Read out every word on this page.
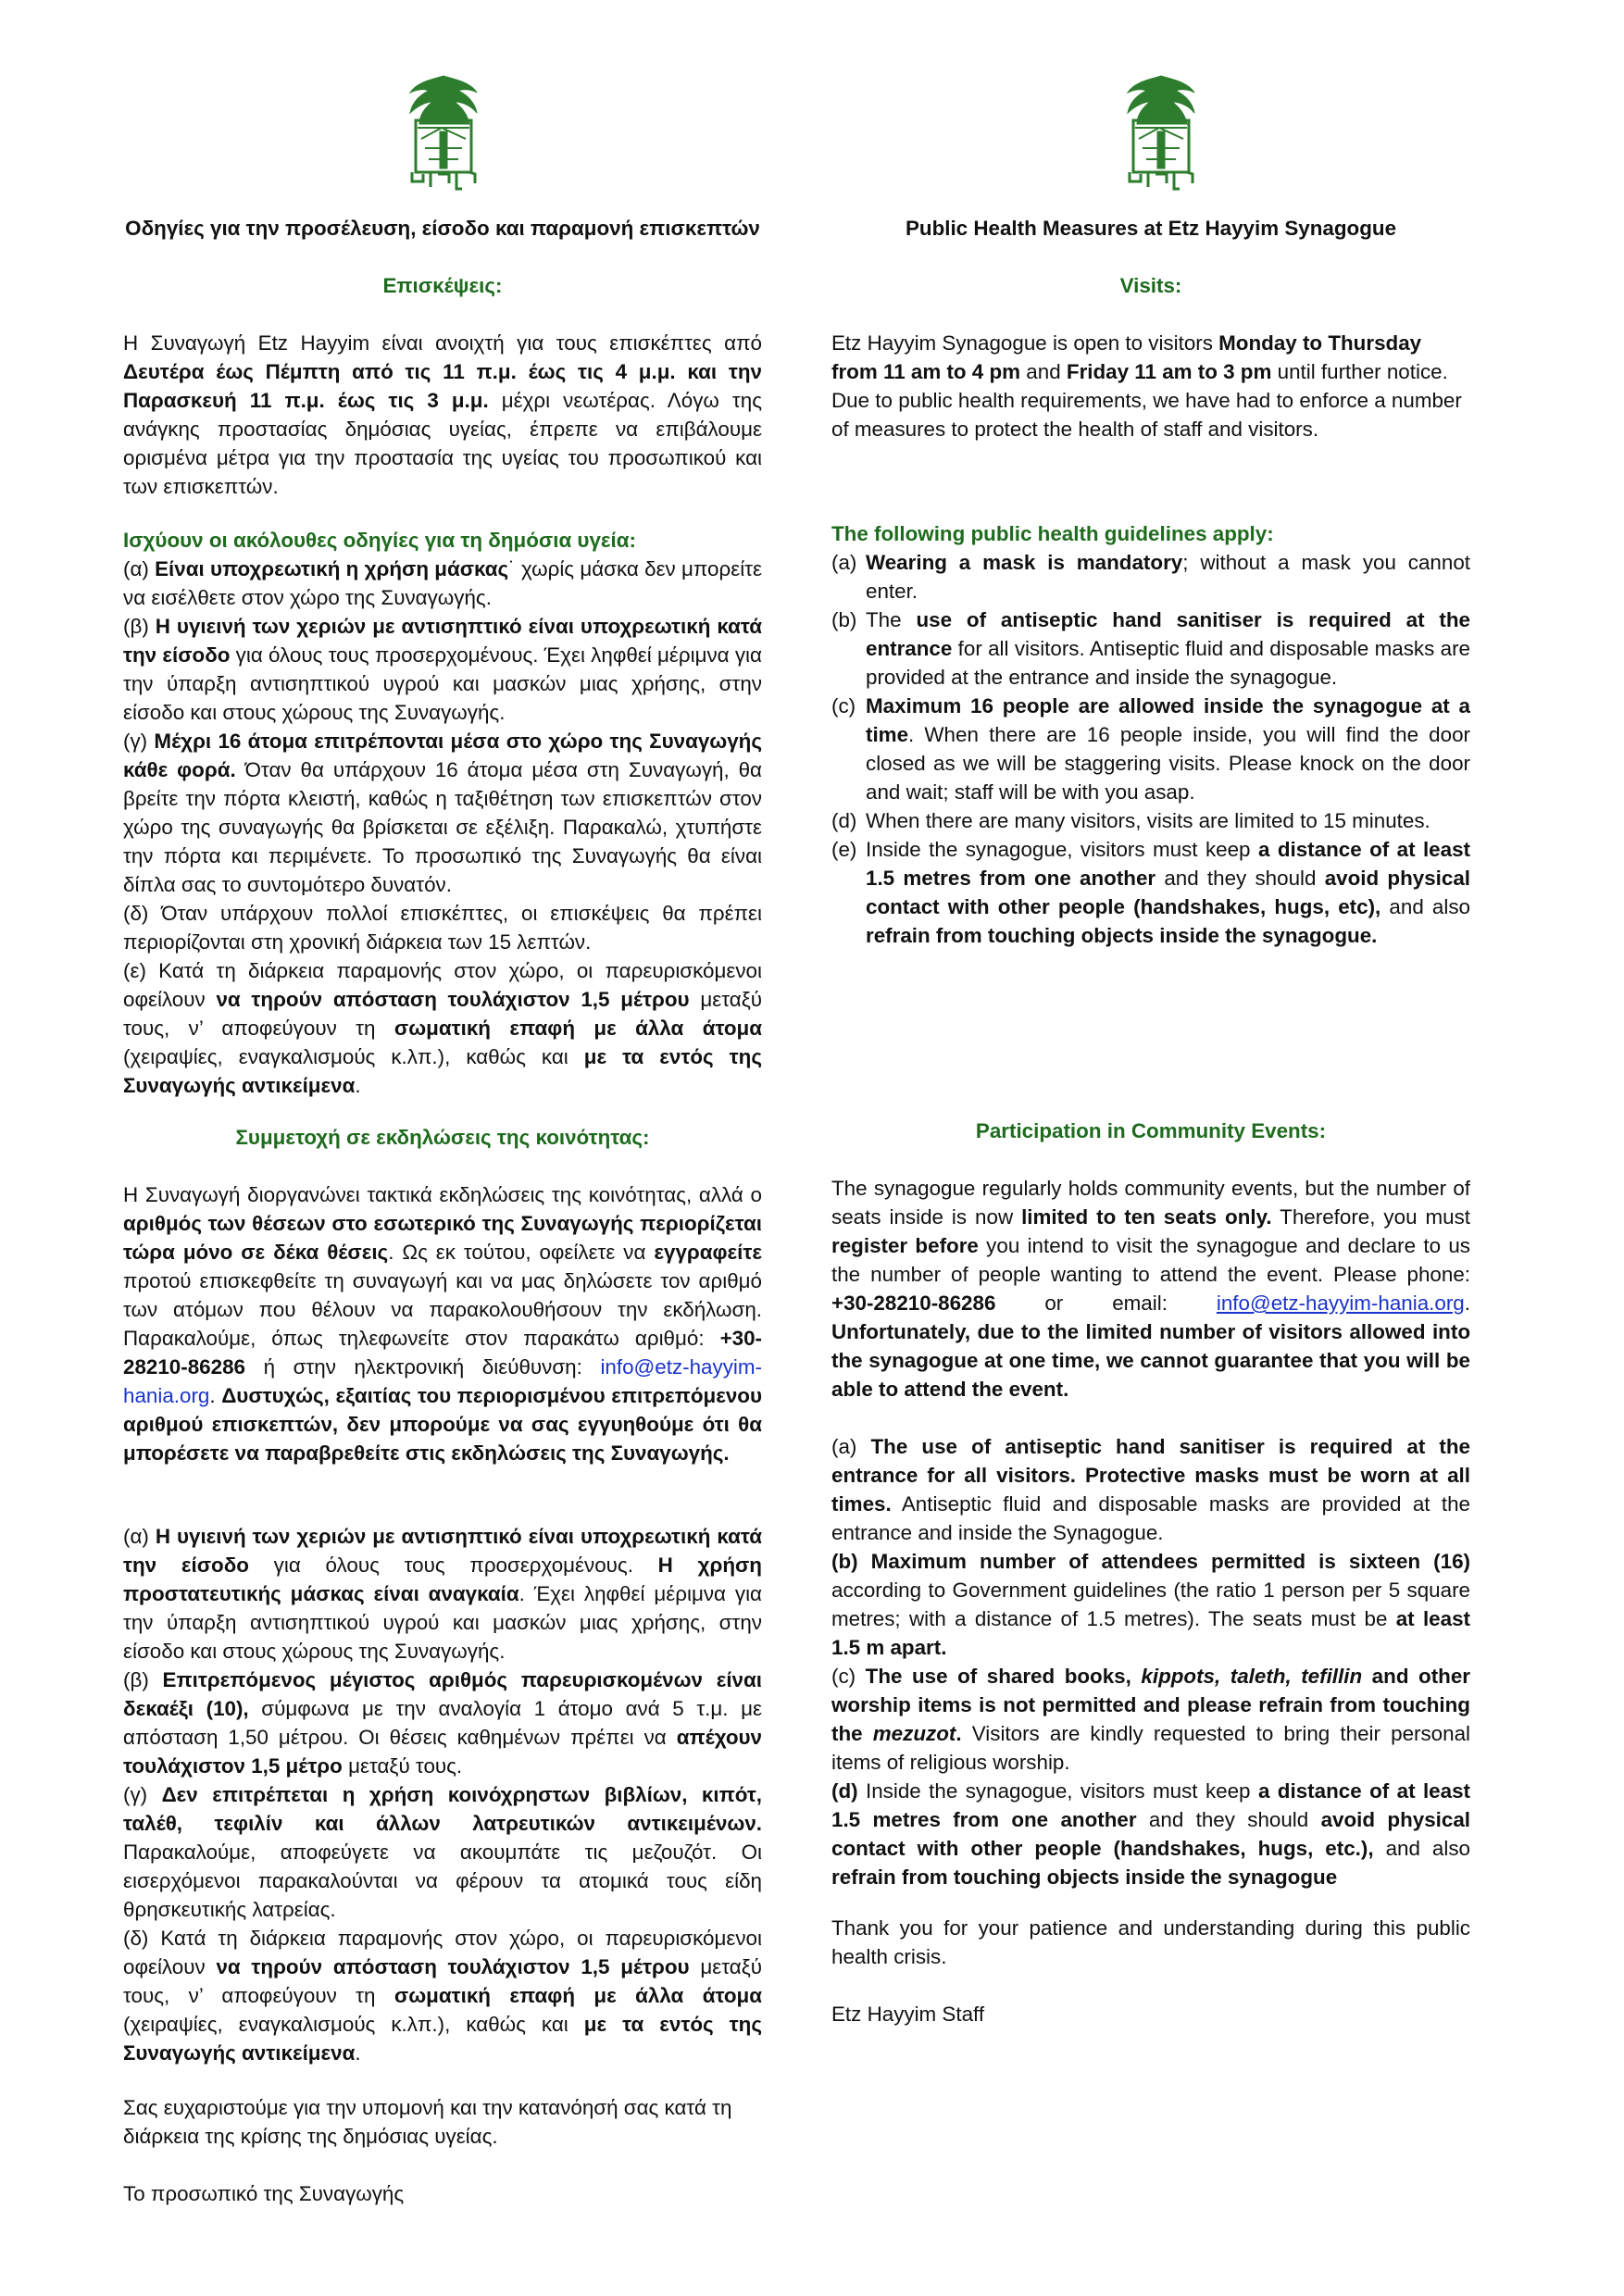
Οδηγίες για την προσέλευση, είσοδο και παραμονή επισκεπτών
Επισκέψεις:
Η Συναγωγή Etz Hayyim είναι ανοιχτή για τους επισκέπτες από Δευτέρα έως Πέμπτη από τις 11 π.μ. έως τις 4 μ.μ. και την Παρασκευή 11 π.μ. έως τις 3 μ.μ. μέχρι νεωτέρας. Λόγω της ανάγκης προστασίας δημόσιας υγείας, έπρεπε να επιβάλουμε ορισμένα μέτρα για την προστασία της υγείας του προσωπικού και των επισκεπτών.
Ισχύουν οι ακόλουθες οδηγίες για τη δημόσια υγεία:
(α) Είναι υποχρεωτική η χρήση μάσκας˙ χωρίς μάσκα δεν μπορείτε να εισέλθετε στον χώρο της Συναγωγής.
(β) Η υγιεινή των χεριών με αντισηπτικό είναι υποχρεωτική κατά την είσοδο για όλους τους προσερχομένους. Έχει ληφθεί μέριμνα για την ύπαρξη αντισηπτικού υγρού και μασκών μιας χρήσης, στην είσοδο και στους χώρους της Συναγωγής.
(γ) Μέχρι 16 άτομα επιτρέπονται μέσα στο χώρο της Συναγωγής κάθε φορά. Όταν θα υπάρχουν 16 άτομα μέσα στη Συναγωγή, θα βρείτε την πόρτα κλειστή, καθώς η ταξιθέτηση των επισκεπτών στον χώρο της συναγωγής θα βρίσκεται σε εξέλιξη. Παρακαλώ, χτυπήστε την πόρτα και περιμένετε. Το προσωπικό της Συναγωγής θα είναι δίπλα σας το συντομότερο δυνατόν.
(δ) Όταν υπάρχουν πολλοί επισκέπτες, οι επισκέψεις θα πρέπει περιορίζονται στη χρονική διάρκεια των 15 λεπτών.
(ε) Κατά τη διάρκεια παραμονής στον χώρο, οι παρευρισκόμενοι οφείλουν να τηρούν απόσταση τουλάχιστον 1,5 μέτρου μεταξύ τους, ν’ αποφεύγουν τη σωματική επαφή με άλλα άτομα (χειραψίες, εναγκαλισμούς κ.λπ.), καθώς και με τα εντός της Συναγωγής αντικείμενα.
Συμμετοχή σε εκδηλώσεις της κοινότητας:
Η Συναγωγή διοργανώνει τακτικά εκδηλώσεις της κοινότητας, αλλά ο αριθμός των θέσεων στο εσωτερικό της Συναγωγής περιορίζεται τώρα μόνο σε δέκα θέσεις. Ως εκ τούτου, οφείλετε να εγγραφείτε προτού επισκεφθείτε τη συναγωγή και να μας δηλώσετε τον αριθμό των ατόμων που θέλουν να παρακολουθήσουν την εκδήλωση. Παρακαλούμε, όπως τηλεφωνείτε στον παρακάτω αριθμό: +30-28210-86286 ή στην ηλεκτρονική διεύθυνση: info@etz-hayyim-hania.org. Δυστυχώς, εξαιτίας του περιορισμένου επιτρεπόμενου αριθμού επισκεπτών, δεν μπορούμε να σας εγγυηθούμε ότι θα μπορέσετε να παραβρεθείτε στις εκδηλώσεις της Συναγωγής.
(α) Η υγιεινή των χεριών με αντισηπτικό είναι υποχρεωτική κατά την είσοδο για όλους τους προσερχομένους. Η χρήση προστατευτικής μάσκας είναι αναγκαία. Έχει ληφθεί μέριμνα για την ύπαρξη αντισηπτικού υγρού και μασκών μιας χρήσης, στην είσοδο και στους χώρους της Συναγωγής.
(β) Επιτρεπόμενος μέγιστος αριθμός παρευρισκομένων είναι δεκαέξι (10), σύμφωνα με την αναλογία 1 άτομο ανά 5 τ.μ. με απόσταση 1,50 μέτρου. Οι θέσεις καθημένων πρέπει να απέχουν τουλάχιστον 1,5 μέτρο μεταξύ τους.
(γ) Δεν επιτρέπεται η χρήση κοινόχρηστων βιβλίων, κιπότ, ταλέθ, τεφιλίν και άλλων λατρευτικών αντικειμένων. Παρακαλούμε, αποφεύγετε να ακουμπάτε τις μεζουζότ. Οι εισερχόμενοι παρακαλούνται να φέρουν τα ατομικά τους είδη θρησκευτικής λατρείας.
(δ) Κατά τη διάρκεια παραμονής στον χώρο, οι παρευρισκόμενοι οφείλουν να τηρούν απόσταση τουλάχιστον 1,5 μέτρου μεταξύ τους, ν’ αποφεύγουν τη σωματική επαφή με άλλα άτομα (χειραψίες, εναγκαλισμούς κ.λπ.), καθώς και με τα εντός της Συναγωγής αντικείμενα.
Σας ευχαριστούμε για την υπομονή και την κατανόησή σας κατά τη διάρκεια της κρίσης της δημόσιας υγείας.
Το προσωπικό της Συναγωγής
Public Health Measures at Etz Hayyim Synagogue
Visits:
Etz Hayyim Synagogue is open to visitors Monday to Thursday from 11 am to 4 pm and Friday 11 am to 3 pm until further notice. Due to public health requirements, we have had to enforce a number of measures to protect the health of staff and visitors.
The following public health guidelines apply:
(a) Wearing a mask is mandatory; without a mask you cannot enter.
(b) The use of antiseptic hand sanitiser is required at the entrance for all visitors. Antiseptic fluid and disposable masks are provided at the entrance and inside the synagogue.
(c) Maximum 16 people are allowed inside the synagogue at a time. When there are 16 people inside, you will find the door closed as we will be staggering visits. Please knock on the door and wait; staff will be with you asap.
(d) When there are many visitors, visits are limited to 15 minutes.
(e) Inside the synagogue, visitors must keep a distance of at least 1.5 metres from one another and they should avoid physical contact with other people (handshakes, hugs, etc), and also refrain from touching objects inside the synagogue.
Participation in Community Events:
The synagogue regularly holds community events, but the number of seats inside is now limited to ten seats only. Therefore, you must register before you intend to visit the synagogue and declare to us the number of people wanting to attend the event. Please phone: +30-28210-86286 or email: info@etz-hayyim-hania.org. Unfortunately, due to the limited number of visitors allowed into the synagogue at one time, we cannot guarantee that you will be able to attend the event.
(a) The use of antiseptic hand sanitiser is required at the entrance for all visitors. Protective masks must be worn at all times. Antiseptic fluid and disposable masks are provided at the entrance and inside the Synagogue.
(b) Maximum number of attendees permitted is sixteen (16) according to Government guidelines (the ratio 1 person per 5 square metres; with a distance of 1.5 metres). The seats must be at least 1.5 m apart.
(c) The use of shared books, kippots, taleth, tefillin and other worship items is not permitted and please refrain from touching the mezuzot. Visitors are kindly requested to bring their personal items of religious worship.
(d) Inside the synagogue, visitors must keep a distance of at least 1.5 metres from one another and they should avoid physical contact with other people (handshakes, hugs, etc.), and also refrain from touching objects inside the synagogue
Thank you for your patience and understanding during this public health crisis.
Etz Hayyim Staff
